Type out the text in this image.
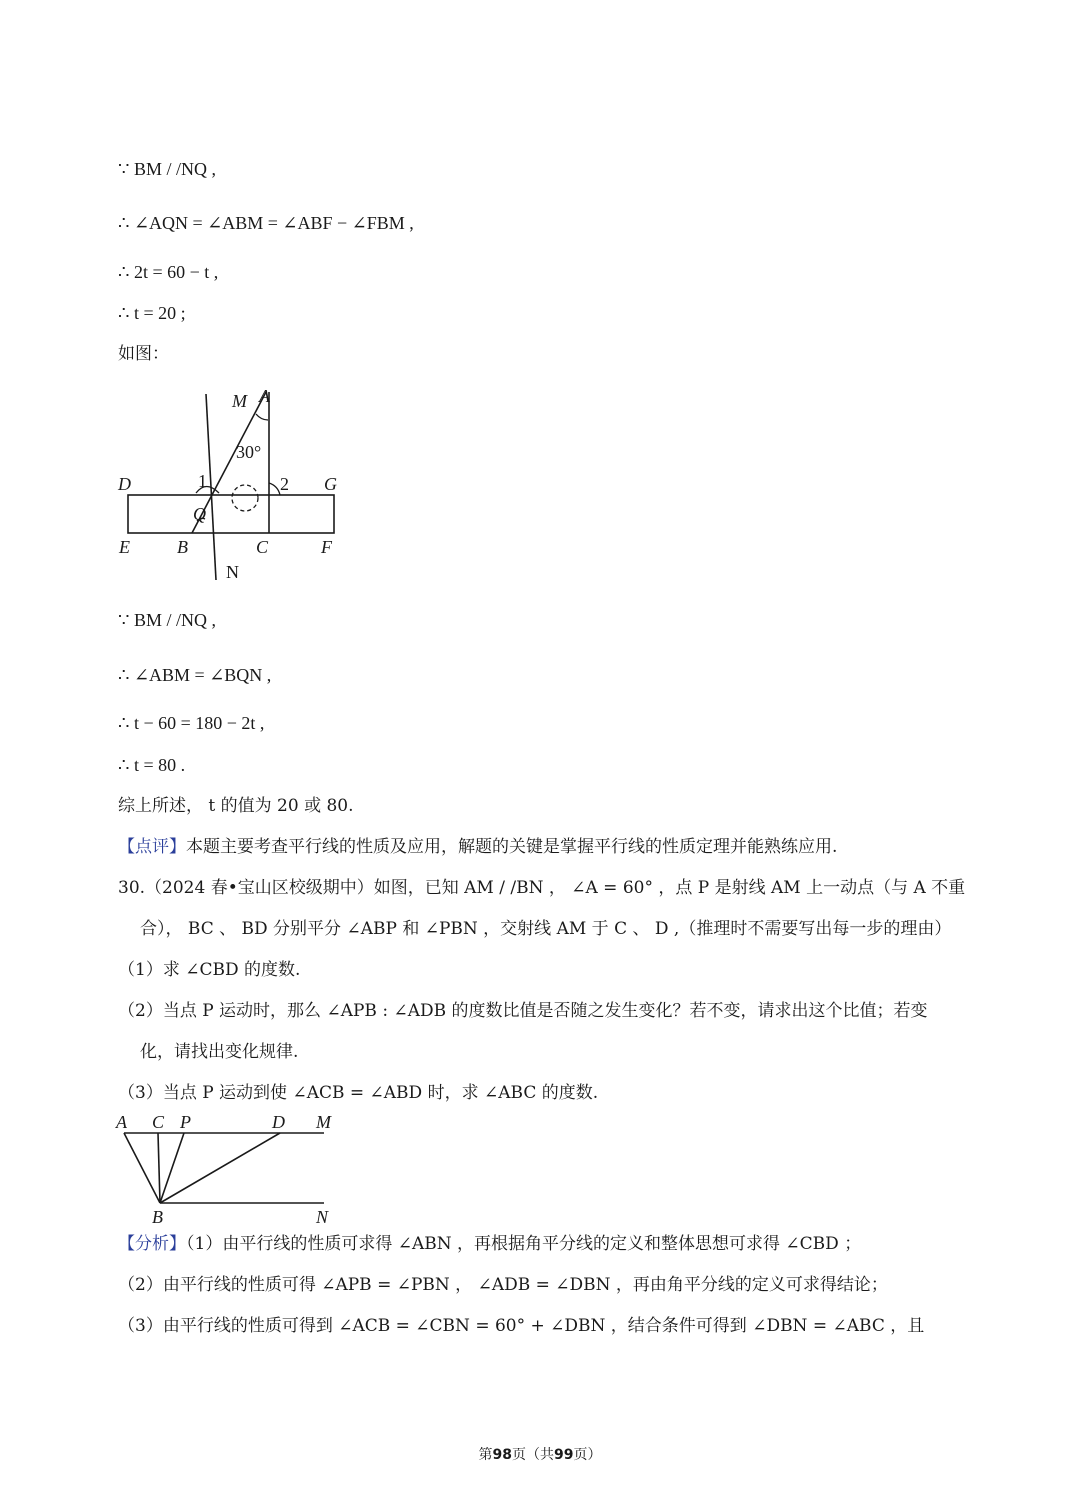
∵ BM / /NQ ,
∴ ∠AQN = ∠ABM = ∠ABF − ∠FBM ,
∴ 2t = 60 − t ,
∴ t = 20 ;
如图：
M A
30°
D	G
1	2
Q
E	B	C	F
N
∵ BM / /NQ ,
∴ ∠ABM = ∠BQN ,
∴ t − 60 = 180 − 2t ,
∴ t = 80 .
综上所述， t 的值为 20 或 80.
【点评】本题主要考查平行线的性质及应用，解题的关键是掌握平行线的性质定理并能熟练应用.
30.（2024 春•宝山区校级期中）如图，已知 AM / /BN ， ∠A = 60° ，点 P 是射线 AM 上一动点（与 A 不重
合）， BC 、 BD 分别平分 ∠ABP 和 ∠PBN ，交射线 AM 于 C 、 D ,（推理时不需要写出每一步的理由）
（1）求 ∠CBD 的度数.
（2）当点 P 运动时，那么 ∠APB : ∠ADB 的度数比值是否随之发生变化？若不变，请求出这个比值；若变
化，请找出变化规律.
（3）当点 P 运动到使 ∠ACB = ∠ABD 时，求 ∠ABC 的度数.
A C P	D M
B	N
【分析】（1）由平行线的性质可求得 ∠ABN ，再根据角平分线的定义和整体思想可求得 ∠CBD ；
（2）由平行线的性质可得 ∠APB = ∠PBN ， ∠ADB = ∠DBN ，再由角平分线的定义可求得结论；
（3）由平行线的性质可得到 ∠ACB = ∠CBN = 60° + ∠DBN ，结合条件可得到 ∠DBN = ∠ABC ，且
第98页（共99页）
